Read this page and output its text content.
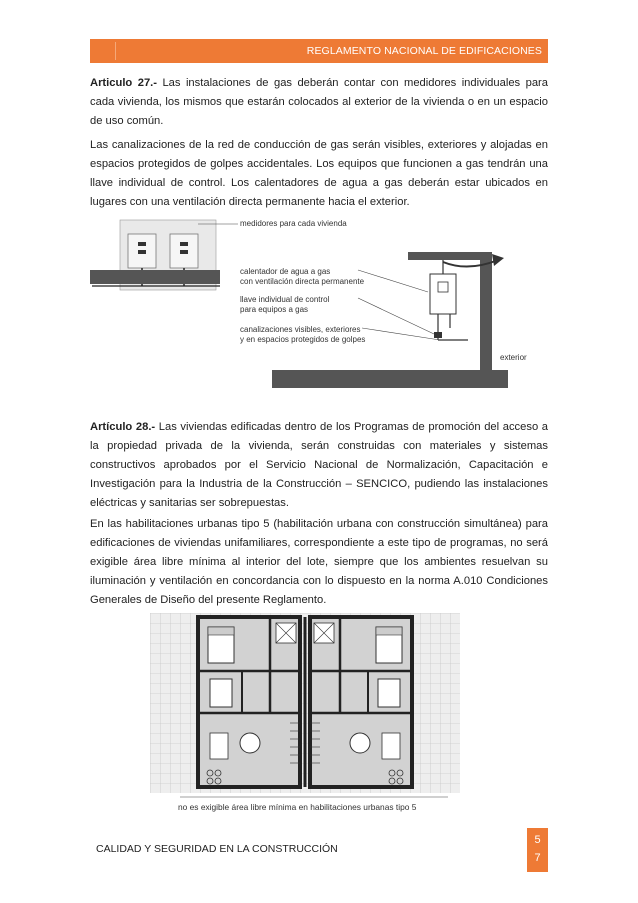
REGLAMENTO NACIONAL DE EDIFICACIONES

Articulo 27.- Las instalaciones de gas deberán contar con medidores individuales para cada vivienda, los mismos que estarán colocados al exterior de la vivienda o en un espacio de uso común.

Las canalizaciones de la red de conducción de gas serán visibles, exteriores y alojadas en espacios protegidos de golpes accidentales. Los equipos que funcionen a gas tendrán una llave individual de control. Los calentadores de agua a gas deberán estar ubicados en lugares con una ventilación directa permanente hacia el exterior.

medidores para cada vivienda
calentador de agua a gas
con ventilación directa permanente
llave individual de control
para equipos a gas
canalizaciones visibles, exteriores
y en espacios protegidos de golpes
exterior

Artículo 28.- Las viviendas edificadas dentro de los Programas de promoción del acceso a la propiedad privada de la vivienda, serán construidas con materiales y sistemas constructivos aprobados por el Servicio Nacional de Normalización, Capacitación e Investigación para la Industria de la Construcción – SENCICO, pudiendo las instalaciones eléctricas y sanitarias ser sobrepuestas.

En las habilitaciones urbanas tipo 5 (habilitación urbana con construcción simultánea) para edificaciones de viviendas unifamiliares, correspondiente a este tipo de programas, no será exigible área libre mínima al interior del lote, siempre que los ambientes resuelvan su iluminación y ventilación en concordancia con lo dispuesto en la norma A.010 Condiciones Generales de Diseño del presente Reglamento.

no es exigible área libre mínima en habilitaciones urbanas tipo 5
CALIDAD Y SEGURIDAD EN LA CONSTRUCCIÓN
5
7
